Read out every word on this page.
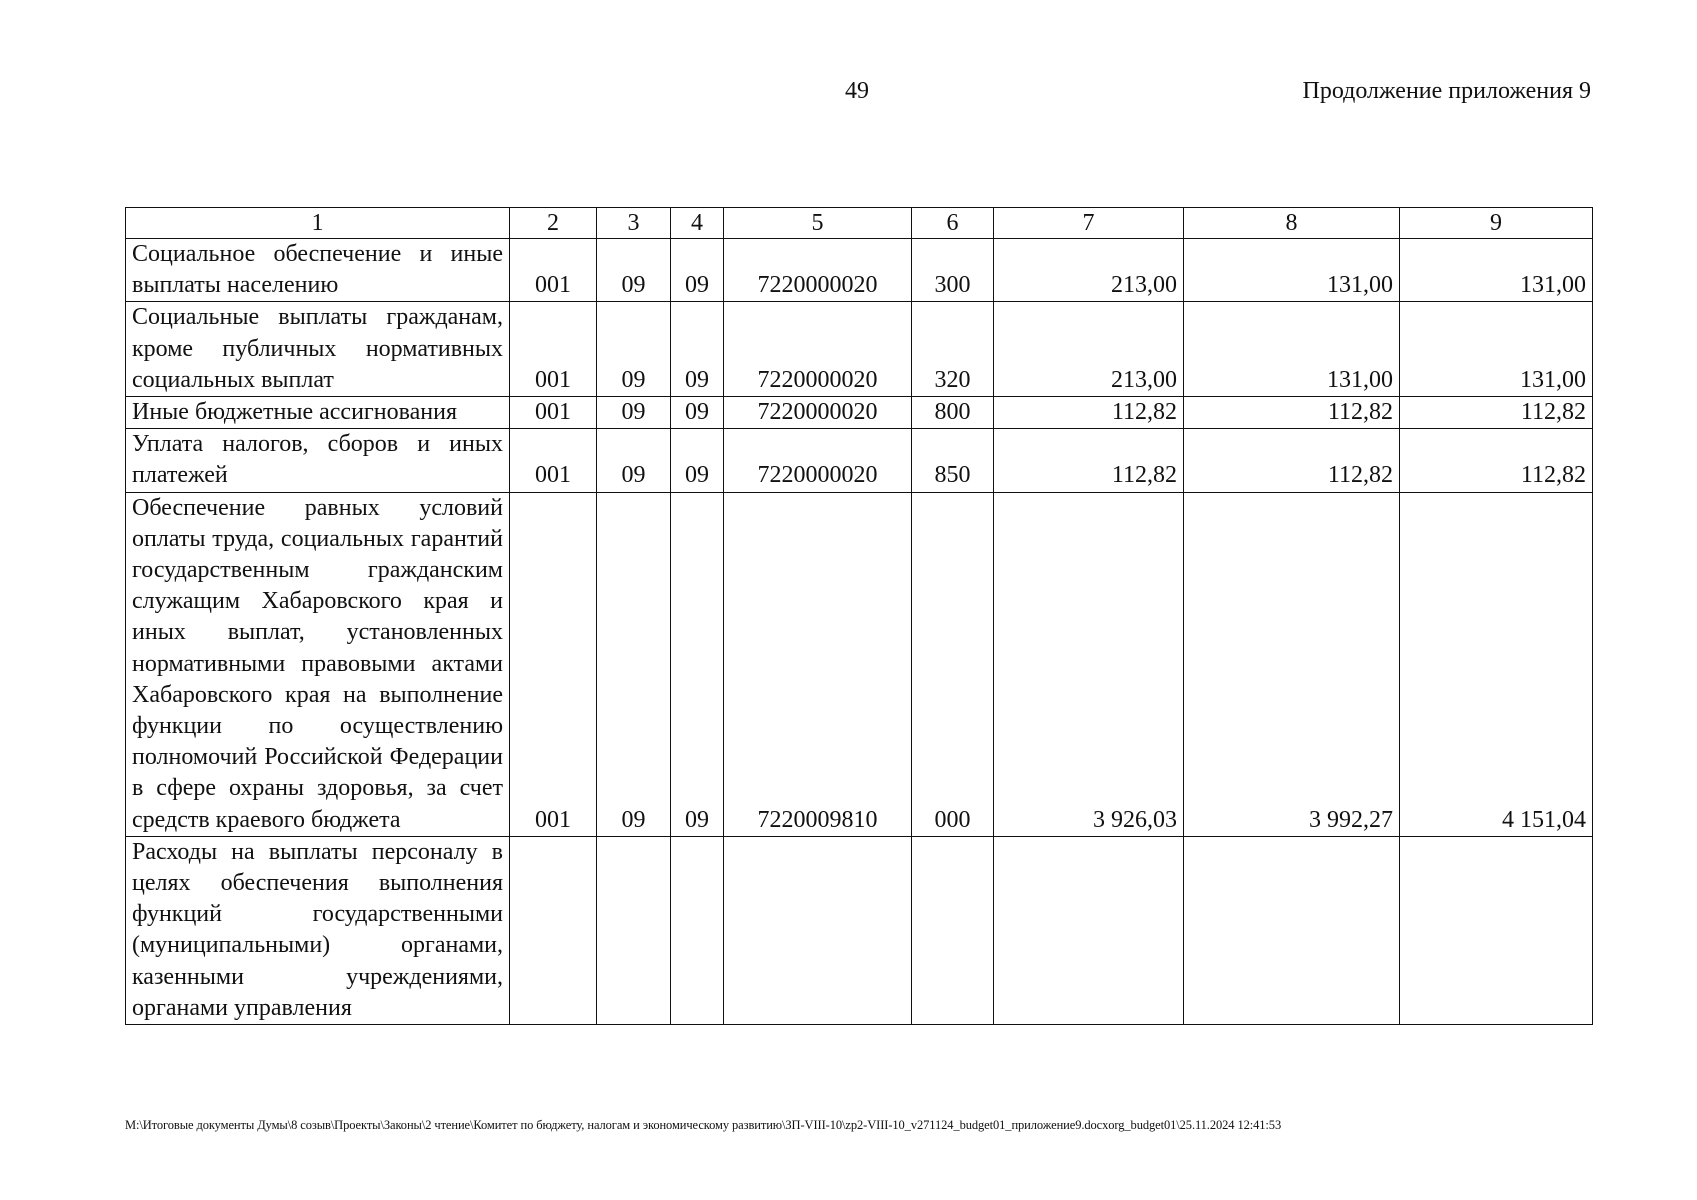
49	Продолжение приложения 9
1	2	3	4	5	6	7	8	9
Социальное обеспечение и иные выплаты населению	001	09	09	7220000020	300	213,00	131,00	131,00
Социальные выплаты гражданам, кроме публичных нормативных социальных выплат	001	09	09	7220000020	320	213,00	131,00	131,00
Иные бюджетные ассигнования	001	09	09	7220000020	800	112,82	112,82	112,82
Уплата налогов, сборов и иных платежей	001	09	09	7220000020	850	112,82	112,82	112,82
Обеспечение равных условий оплаты труда, социальных гарантий государственным гражданским служащим Хабаровского края и иных выплат, установленных нормативными правовыми актами Хабаровского края на выполнение функции по осуществлению полномочий Российской Федерации в сфере охраны здоровья, за счет средств краевого бюджета	001	09	09	7220009810	000	3 926,03	3 992,27	4 151,04
Расходы на выплаты персоналу в целях обеспечения выполнения функций государственными (муниципальными) органами, казенными учреждениями, органами управления								
M:\Итоговые документы Думы\8 созыв\Проекты\Законы\2 чтение\Комитет по бюджету, налогам и экономическому развитию\ЗП-VIII-10\zp2-VIII-10_v271124_budget01_приложение9.docxorg_budget01\25.11.2024 12:41:53
